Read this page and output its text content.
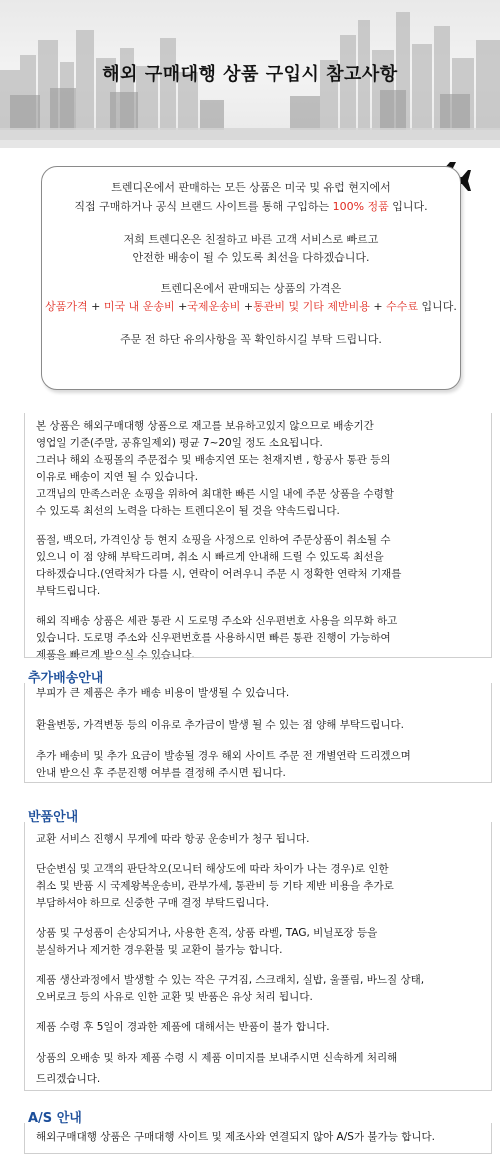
해외 구매대행 상품 구입시 참고사항

트렌디온에서 판매하는 모든 상품은 미국 및 유럽 현지에서

직접 구매하거나 공식 브랜드 사이트를 통해 구입하는 100% 정품 입니다.

저희 트렌디온은 친절하고 바른 고객 서비스로 빠르고

안전한 배송이 될 수 있도록 최선을 다하겠습니다.

트렌디온에서 판매되는 상품의 가격은

상품가격 + 미국 내 운송비 +국제운송비 +통관비 및 기타 제반비용 + 수수료 입니다.

주문 전 하단 유의사항을 꼭 확인하시길 부탁 드립니다.

본 상품은 해외구매대행 상품으로 재고를 보유하고있지 않으므로 배송기간
영업일 기준(주말, 공휴일제외) 평균 7~20일 정도 소요됩니다.
그러나 해외 쇼핑몰의 주문접수 및 배송지연 또는 천재지변 , 항공사 통관 등의
이유로 배송이 지연 될 수 있습니다.
고객님의 만족스러운 쇼핑을 위하여 최대한 빠른 시일 내에 주문 상품을 수령할
수 있도록 최선의 노력을 다하는 트렌디온이 될 것을 약속드립니다.
품절, 백오더, 가격인상 등 현지 쇼핑을 사정으로 인하여 주문상품이 취소될 수
있으니 이 점 양해 부탁드리며, 취소 시 빠르게 안내해 드릴 수 있도록 최선을
다하겠습니다.(연락처가 다를 시, 연락이 어려우니 주문 시 정확한 연락처 기재를
부탁드립니다.
해외 직배송 상품은 세관 통관 시 도로명 주소와 신우편번호 사용을 의무화 하고
있습니다. 도로명 주소와 신우편번호를 사용하시면 빠른 통관 진행이 가능하여
제품을 빠르게 받으실 수 있습니다.
추가배송안내
부피가 큰 제품은 추가 배송 비용이 발생될 수 있습니다.
환율변동, 가격변동 등의 이유로 추가금이 발생 될 수 있는 점 양해 부탁드립니다.
추가 배송비 및 추가 요금이 발송될 경우 해외 사이트 주문 전 개별연락 드리겠으며
안내 받으신 후 주문진행 여부를 결정해 주시면 됩니다.
반품안내
교환 서비스 진행시 무게에 따라 항공 운송비가 청구 됩니다.
단순변심 및 고객의 판단착오(모니터 해상도에 따라 차이가 나는 경우)로 인한
취소 및 반품 시 국제왕복운송비, 관부가세, 통관비 등 기타 제반 비용을 추가로
부담하셔야 하므로 신중한 구매 결정 부탁드립니다.
상품 및 구성품이 손상되거나, 사용한 흔적, 상품 라벨, TAG, 비닐포장 등을
분실하거나 제거한 경우환불 및 교환이 불가능 합니다.
제품 생산과정에서 발생할 수 있는 작은 구겨짐, 스크래치, 실밥, 울풀림, 바느질 상태,
오버로크 등의 사유로 인한 교환 및 반품은 유상 처리 됩니다.
제품 수령 후 5일이 경과한 제품에 대해서는 반품이 불가 합니다.
상품의 오배송 및 하자 제품 수령 시 제품 이미지를 보내주시면 신속하게 처리해
드리겠습니다.
A/S 안내
해외구매대행 상품은 구매대행 사이트 및 제조사와 연결되지 않아 A/S가 불가능 합니다.
